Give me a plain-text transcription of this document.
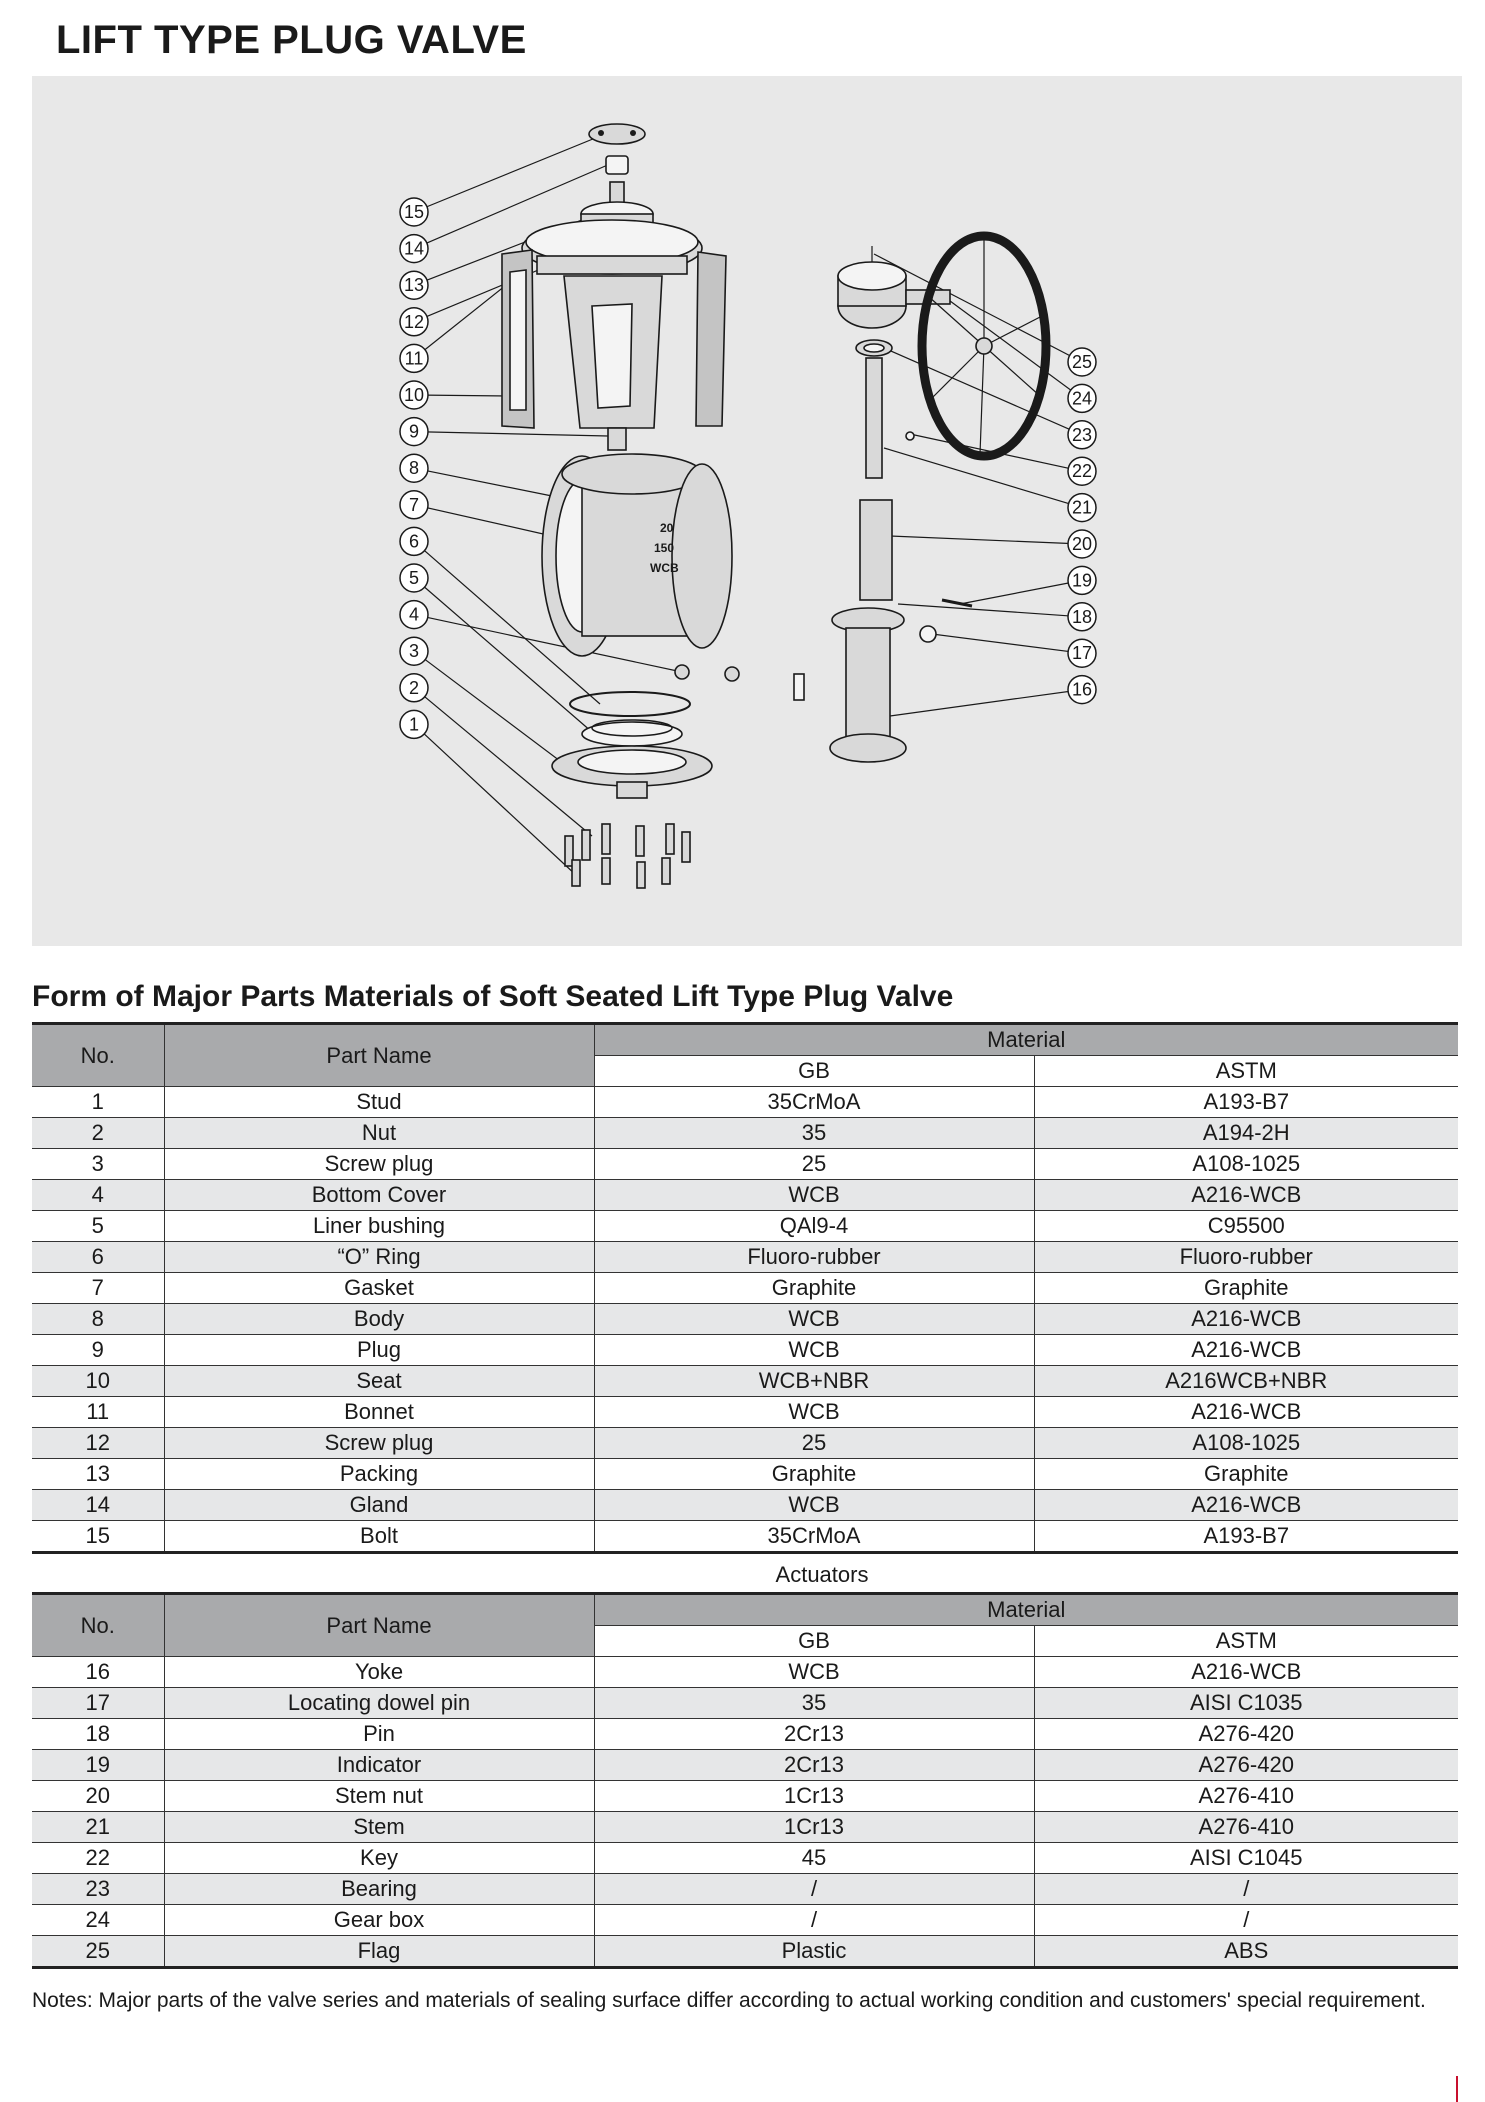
LIFT TYPE PLUG VALVE
20
150
WCB
15
14
13
12
11
10
9
8
7
6
5
4
3
2
1
25
24
23
22
21
20
19
18
17
16
Form of Major Parts Materials of Soft Seated Lift Type Plug Valve
No.	Part Name	Material	
		GB	ASTM
1	Stud	35CrMoA	A193-B7
2	Nut	35	A194-2H
3	Screw plug	25	A108-1025
4	Bottom Cover	WCB	A216-WCB
5	Liner bushing	QAl9-4	C95500
6	“O” Ring	Fluoro-rubber	Fluoro-rubber
7	Gasket	Graphite	Graphite
8	Body	WCB	A216-WCB
9	Plug	WCB	A216-WCB
10	Seat	WCB+NBR	A216WCB+NBR
11	Bonnet	WCB	A216-WCB
12	Screw plug	25	A108-1025
13	Packing	Graphite	Graphite
14	Gland	WCB	A216-WCB
15	Bolt	35CrMoA	A193-B7
Actuators
No.	Part Name	Material	
		GB	ASTM
16	Yoke	WCB	A216-WCB
17	Locating dowel pin	35	AISI C1035
18	Pin	2Cr13	A276-420
19	Indicator	2Cr13	A276-420
20	Stem nut	1Cr13	A276-410
21	Stem	1Cr13	A276-410
22	Key	45	AISI C1045
23	Bearing	/	/
24	Gear box	/	/
25	Flag	Plastic	ABS
Notes: Major parts of the valve series and materials of sealing surface differ according to actual working condition and customers' special requirement.
